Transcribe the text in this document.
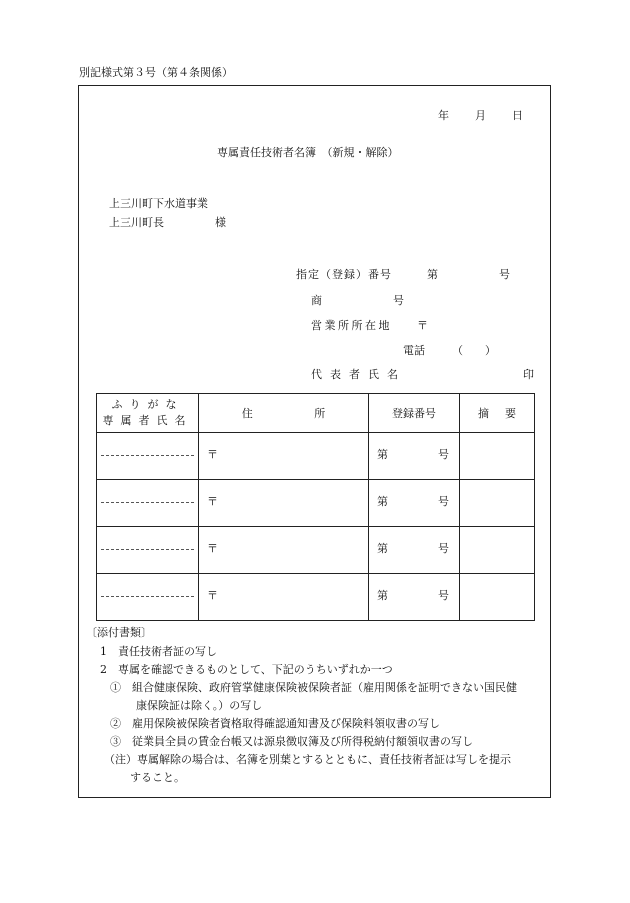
別記様式第３号（第４条関係）
年 月 日
専属責任技術者名簿　（新規・解除）
上三川町下水道事業
上三川町長	様
指定（登録）番号	第	号
商	号
営業所所在地 〒
電話 （　　）
代表者氏名	印
ふりがな
専属者氏名	住 所	登録番号	摘 要

	〒	第 号	

	〒	第 号	

	〒	第 号	

	〒	第 号	

〔添付書類〕
1　責任技術者証の写し
2　専属を確認できるものとして、下記のうちいずれか一つ
①　組合健康保険、政府管掌健康保険被保険者証（雇用関係を証明できない国民健
康保険証は除く。）の写し
②　雇用保険被保険者資格取得確認通知書及び保険料領収書の写し
③　従業員全員の賃金台帳又は源泉徴収簿及び所得税納付額領収書の写し
（注）専属解除の場合は、名簿を別葉とするとともに、責任技術者証は写しを提示
すること。
